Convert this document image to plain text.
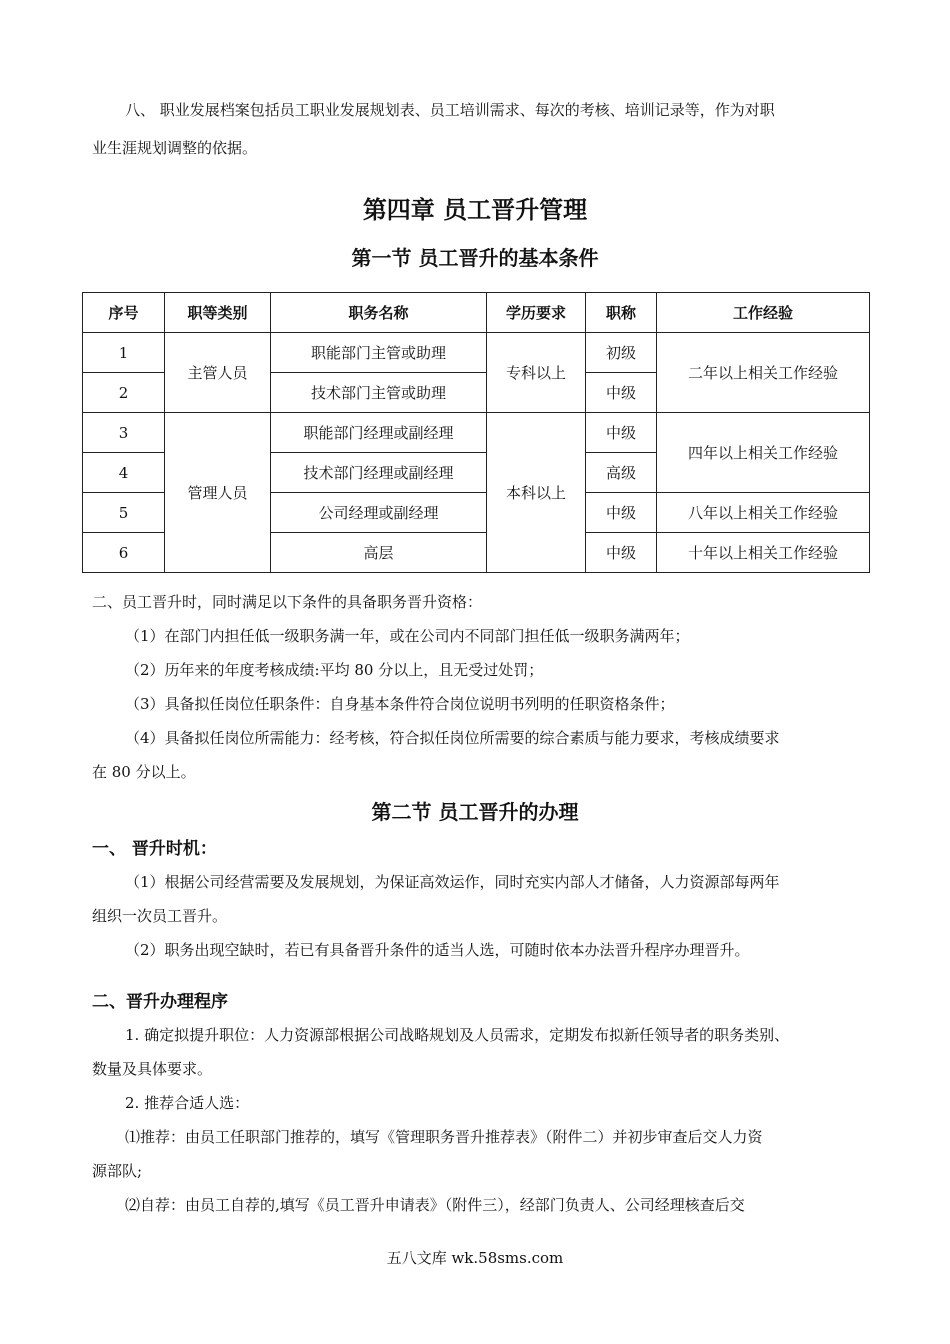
八、 职业发展档案包括员工职业发展规划表、员工培训需求、每次的考核、培训记录等，作为对职
业生涯规划调整的依据。
第四章 员工晋升管理
第一节 员工晋升的基本条件
序号	职等类别	职务名称	学历要求	职称	工作经验
1	主管人员	职能部门主管或助理	专科以上	初级	二年以上相关工作经验
2		技术部门主管或助理		中级	
3	管理人员	职能部门经理或副经理	本科以上	中级	四年以上相关工作经验
4		技术部门经理或副经理		高级	
5		公司经理或副经理		中级	八年以上相关工作经验
6		高层		中级	十年以上相关工作经验
二、员工晋升时，同时满足以下条件的具备职务晋升资格：
（1）在部门内担任低一级职务满一年，或在公司内不同部门担任低一级职务满两年；
（2）历年来的年度考核成绩:平均 80 分以上，且无受过处罚；
（3）具备拟任岗位任职条件：自身基本条件符合岗位说明书列明的任职资格条件；
（4）具备拟任岗位所需能力：经考核，符合拟任岗位所需要的综合素质与能力要求，考核成绩要求
在 80 分以上。
第二节 员工晋升的办理
一、 晋升时机：
（1）根据公司经营需要及发展规划，为保证高效运作，同时充实内部人才储备，人力资源部每两年
组织一次员工晋升。
（2）职务出现空缺时，若已有具备晋升条件的适当人选，可随时依本办法晋升程序办理晋升。
二、晋升办理程序
1. 确定拟提升职位：人力资源部根据公司战略规划及人员需求，定期发布拟新任领导者的职务类别、
数量及具体要求。
2. 推荐合适人选：
⑴推荐：由员工任职部门推荐的，填写《管理职务晋升推荐表》（附件二）并初步审查后交人力资
源部队;
⑵自荐：由员工自荐的,填写《员工晋升申请表》（附件三），经部门负责人、公司经理核查后交
五八文库 wk.58sms.com
